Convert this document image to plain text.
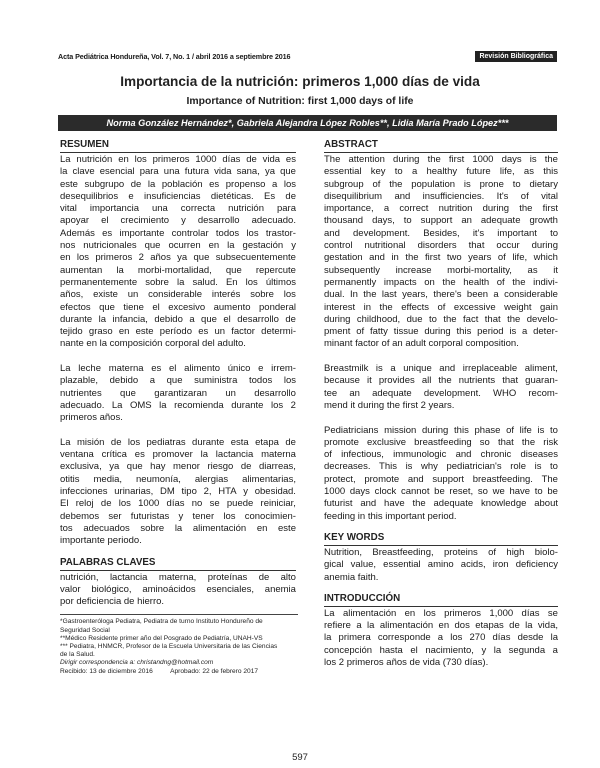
Acta Pediátrica Hondureña, Vol. 7, No. 1 / abril 2016 a septiembre 2016	Revisión Bibliográfica
Importancia de la nutrición: primeros 1,000 días de vida
Importance of Nutrition: first 1,000 days of life
Norma González Hernández*, Gabriela Alejandra López Robles**, Lidia María Prado López***
RESUMEN
La nutrición en los primeros 1000 días de vida es
la clave esencial para una futura vida sana, ya que
este subgrupo de la población es propenso a los
desequilibrios e insuficiencias dietéticas. Es de
vital importancia una correcta nutrición para
apoyar el crecimiento y desarrollo adecuado.
Además es importante controlar todos los trastor-
nos nutricionales que ocurren en la gestación y
en los primeros 2 años ya que subsecuentemente
aumentan la morbi-mortalidad, que repercute
permanentemente sobre la salud. En los últimos
años, existe un considerable interés sobre los
efectos que tiene el excesivo aumento ponderal
durante la infancia, debido a que el desarrollo de
tejido graso en este período es un factor determi-
nante en la composición corporal del adulto.
La leche materna es el alimento único e irrem-
plazable, debido a que suministra todos los
nutrientes que garantizaran un desarrollo
adecuado. La OMS la recomienda durante los 2
primeros años.
La misión de los pediatras durante esta etapa de
ventana crítica es promover la lactancia materna
exclusiva, ya que hay menor riesgo de diarreas,
otitis media, neumonía, alergias alimentarias,
infecciones urinarias, DM tipo 2, HTA y obesidad.
El reloj de los 1000 días no se puede reiniciar,
debemos ser futuristas y tener los conocimien-
tos adecuados sobre la alimentación en este
importante periodo.
PALABRAS CLAVES
nutrición, lactancia materna, proteínas de alto
valor biológico, aminoácidos esenciales, anemia
por deficiencia de hierro.
*Gastroenteróloga Pediatra, Pediatra de turno Instituto Hondureño de
Seguridad Social
**Médico Residente primer año del Posgrado de Pediatría, UNAH-VS
*** Pediatra, HNMCR, Profesor de la Escuela Universitaria de las Ciencias
de la Salud.
Dirigir correspondencia a: christandng@hotmail.com
Recibido: 13 de diciembre 2016	Aprobado: 22 de febrero 2017
ABSTRACT
The attention during the first 1000 days is the
essential key to a healthy future life, as this
subgroup of the population is prone to dietary
disequilibrium and insufficiencies. It's of vital
importance, a correct nutrition during the first
thousand days, to support an adequate growth
and development. Besides, it's important to
control nutritional disorders that occur during
gestation and in the first two years of life, which
subsequently increase morbi-mortality, as it
permanently impacts on the health of the indivi-
dual. In the last years, there's been a considerable
interest in the effects of excessive weight gain
during childhood, due to the fact that the develo-
pment of fatty tissue during this period is a deter-
minant factor of an adult corporal composition.
Breastmilk is a unique and irreplaceable aliment,
because it provides all the nutrients that guaran-
tee an adequate development. WHO recom-
mend it during the first 2 years.
Pediatricians mission during this phase of life is to
promote exclusive breastfeeding so that the risk
of infectious, immunologic and chronic diseases
decreases. This is why pediatrician's role is to
protect, promote and support breastfeeding. The
1000 days clock cannot be reset, so we have to be
futurist and have the adequate knowledge about
feeding in this important period.
KEY WORDS
Nutrition, Breastfeeding, proteins of high biolo-
gical value, essential amino acids, iron deficiency
anemia faith.
INTRODUCCIÓN
La alimentación en los primeros 1,000 días se
refiere a la alimentación en dos etapas de la vida,
la primera corresponde a los 270 días desde la
concepción hasta el nacimiento, y la segunda a
los 2 primeros años de vida (730 días).
597
